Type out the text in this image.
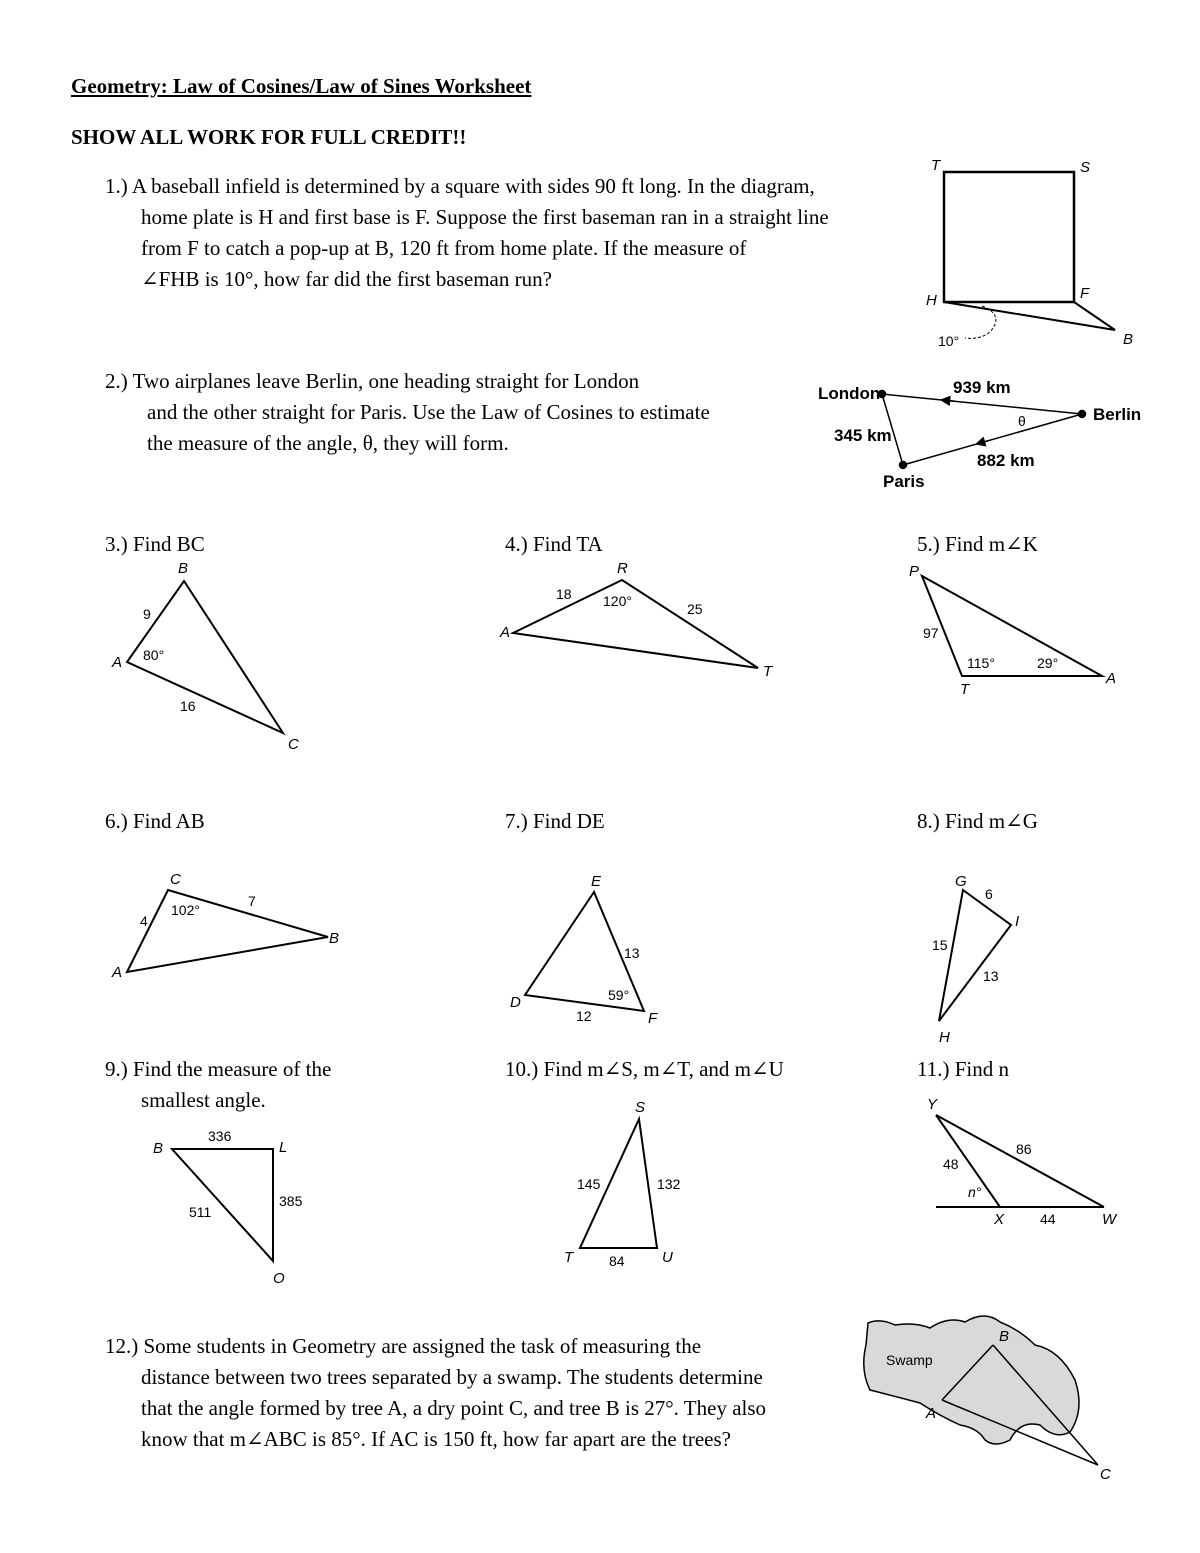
Geometry: Law of Cosines/Law of Sines Worksheet

SHOW ALL WORK FOR FULL CREDIT!!

1.) A baseball infield is determined by a square with sides 90 ft long. In the diagram,
home plate is H and first base is F. Suppose the first baseman ran in a straight line
from F to catch a pop-up at B, 120 ft from home plate. If the measure of
∠FHB is 10°, how far did the first baseman run?
2.) Two airplanes leave Berlin, one heading straight for London
and the other straight for Paris. Use the Law of Cosines to estimate
the measure of the angle, θ, they will form.
3.) Find BC	4.) Find TA	5.) Find m∠K
6.) Find AB	7.) Find DE	8.) Find m∠G
9.) Find the measure of the
smallest angle.
10.) Find m∠S, m∠T, and m∠U	11.) Find n
12.) Some students in Geometry are assigned the task of measuring the
distance between two trees separated by a swamp. The students determine
that the angle formed by tree A, a dry point C, and tree B is 27°. They also
know that m∠ABC is 85°. If AC is 150 ft, how far apart are the trees?
T	S
H	F
B
10°
London
Berlin
Paris
939 km
345 km
882 km
θ
B
A
C
9
16
80°
R
A
T
18
25
120°
P
T
A
97
115°	29°
C
A
B
4
7
102°
E
D
F
13
12
59°
G
I
H
6
15
13
B	L
O
336
385
511
S
T	U
145	132
84
Y
X	W
48
86
44
n°
Swamp
A
B
C
